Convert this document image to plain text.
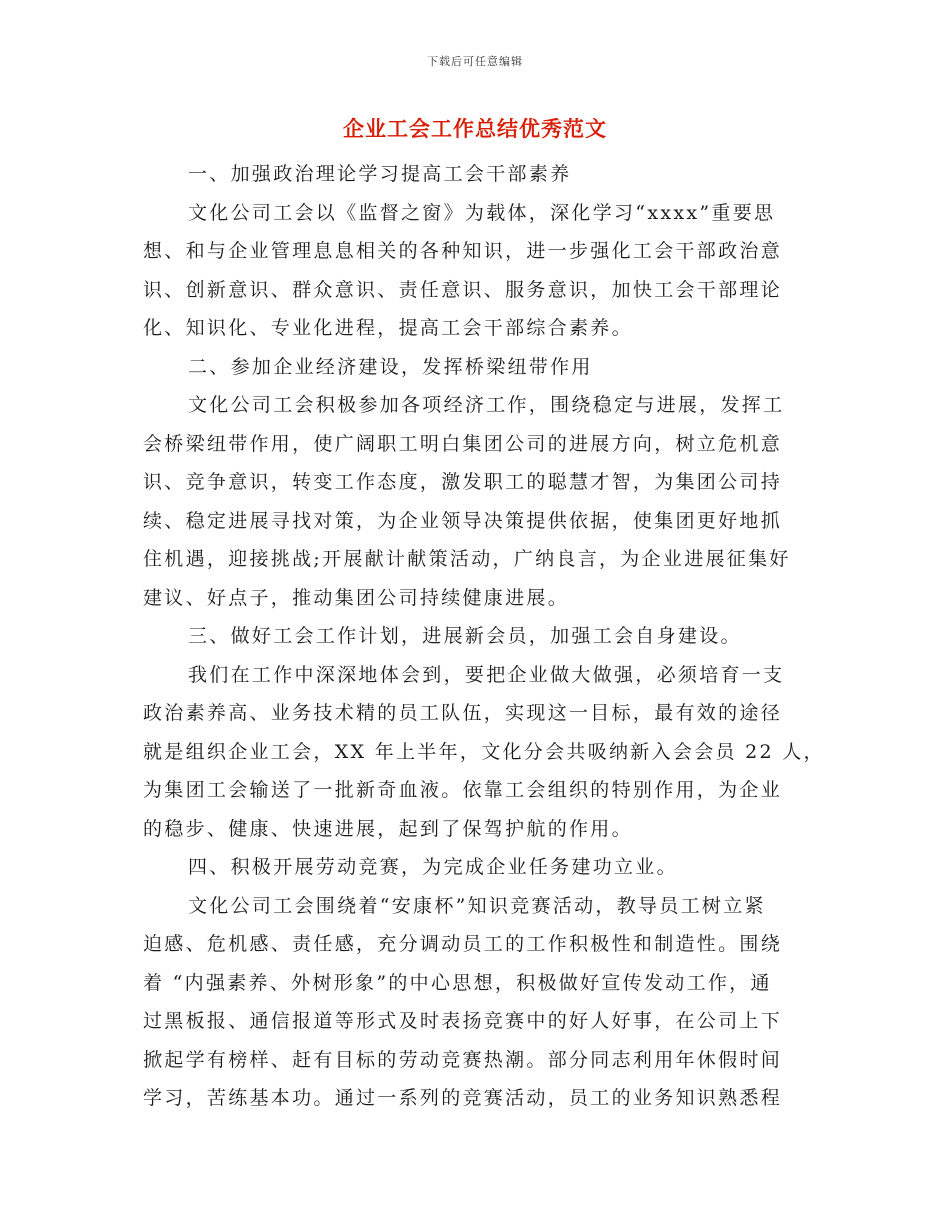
下载后可任意编辑
企业工会工作总结优秀范文
一、加强政治理论学习提高工会干部素养
文化公司工会以《监督之窗》为载体，深化学习“xxxx”重要思
想、和与企业管理息息相关的各种知识，进一步强化工会干部政治意
识、创新意识、群众意识、责任意识、服务意识，加快工会干部理论
化、知识化、专业化进程，提高工会干部综合素养。
二、参加企业经济建设，发挥桥梁纽带作用
文化公司工会积极参加各项经济工作，围绕稳定与进展，发挥工
会桥梁纽带作用，使广阔职工明白集团公司的进展方向，树立危机意
识、竞争意识，转变工作态度，激发职工的聪慧才智，为集团公司持
续、稳定进展寻找对策，为企业领导决策提供依据，使集团更好地抓
住机遇，迎接挑战;开展献计献策活动，广纳良言，为企业进展征集好
建议、好点子，推动集团公司持续健康进展。
三、做好工会工作计划，进展新会员，加强工会自身建设。
我们在工作中深深地体会到，要把企业做大做强，必须培育一支
政治素养高、业务技术精的员工队伍，实现这一目标，最有效的途径
就是组织企业工会，XX 年上半年，文化分会共吸纳新入会会员 22 人，
为集团工会输送了一批新奇血液。依靠工会组织的特别作用，为企业
的稳步、健康、快速进展，起到了保驾护航的作用。
四、积极开展劳动竞赛，为完成企业任务建功立业。
文化公司工会围绕着“安康杯”知识竞赛活动，教导员工树立紧
迫感、危机感、责任感，充分调动员工的工作积极性和制造性。围绕
着 “内强素养、外树形象”的中心思想，积极做好宣传发动工作，通
过黑板报、通信报道等形式及时表扬竞赛中的好人好事，在公司上下
掀起学有榜样、赶有目标的劳动竞赛热潮。部分同志利用年休假时间
学习，苦练基本功。通过一系列的竞赛活动，员工的业务知识熟悉程
